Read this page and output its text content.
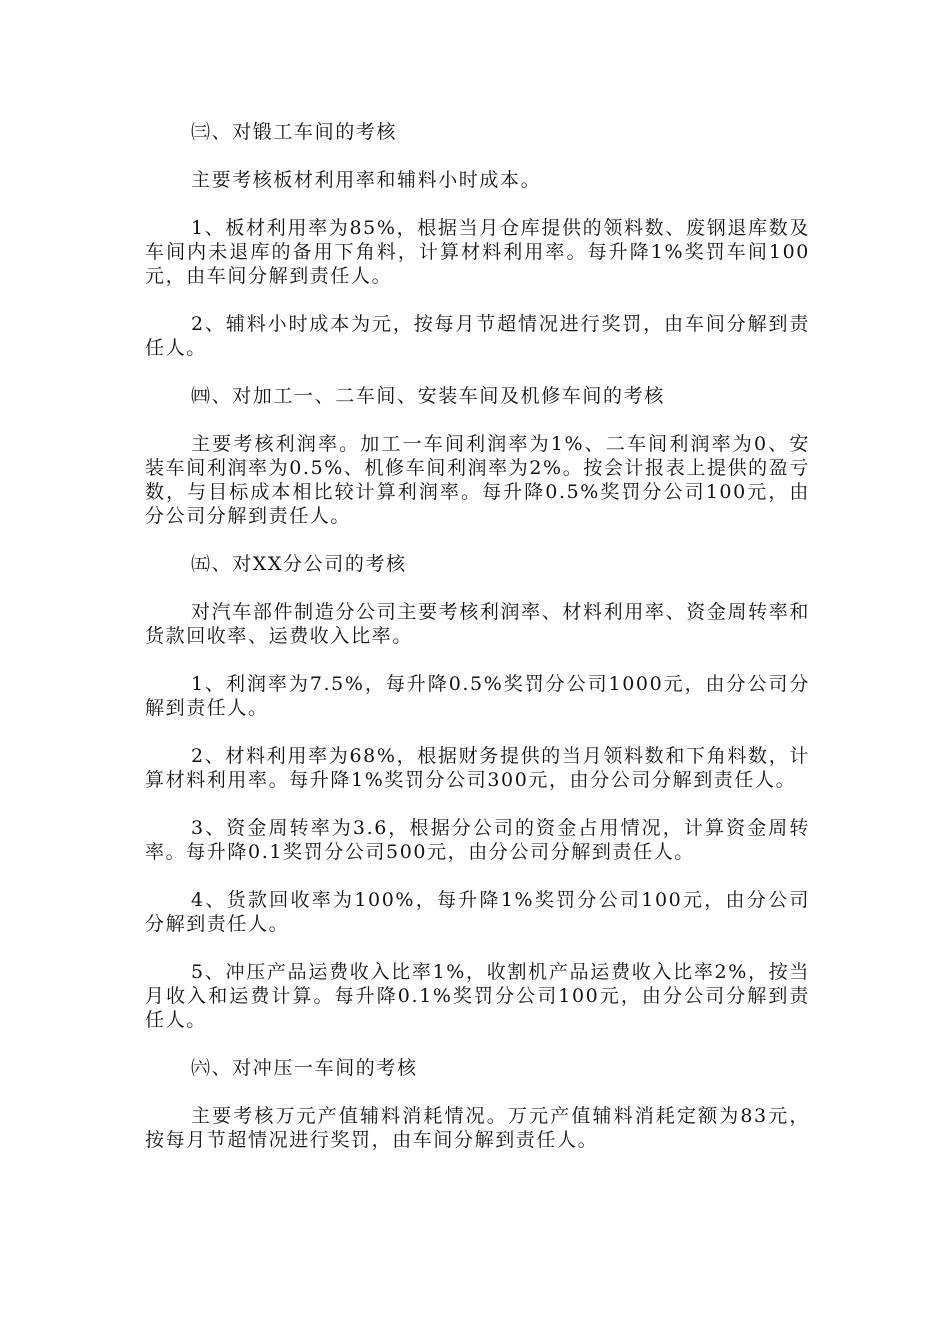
㈢、对锻工车间的考核

主要考核板材利用率和辅料小时成本。

1、板材利用率为85%，根据当月仓库提供的领料数、废钢退库数及车间内未退库的备用下角料，计算材料利用率。每升降1%奖罚车间100元，由车间分解到责任人。

2、辅料小时成本为元，按每月节超情况进行奖罚，由车间分解到责任人。

㈣、对加工一、二车间、安装车间及机修车间的考核

主要考核利润率。加工一车间利润率为1%、二车间利润率为0、安装车间利润率为0.5%、机修车间利润率为2%。按会计报表上提供的盈亏数，与目标成本相比较计算利润率。每升降0.5%奖罚分公司100元，由分公司分解到责任人。

㈤、对XX分公司的考核

对汽车部件制造分公司主要考核利润率、材料利用率、资金周转率和货款回收率、运费收入比率。

1、利润率为7.5%，每升降0.5%奖罚分公司1000元，由分公司分解到责任人。

2、材料利用率为68%，根据财务提供的当月领料数和下角料数，计算材料利用率。每升降1%奖罚分公司300元，由分公司分解到责任人。

3、资金周转率为3.6，根据分公司的资金占用情况，计算资金周转率。每升降0.1奖罚分公司500元，由分公司分解到责任人。

4、货款回收率为100%，每升降1%奖罚分公司100元，由分公司分解到责任人。

5、冲压产品运费收入比率1%，收割机产品运费收入比率2%，按当月收入和运费计算。每升降0.1%奖罚分公司100元，由分公司分解到责任人。

㈥、对冲压一车间的考核

主要考核万元产值辅料消耗情况。万元产值辅料消耗定额为83元，按每月节超情况进行奖罚，由车间分解到责任人。
